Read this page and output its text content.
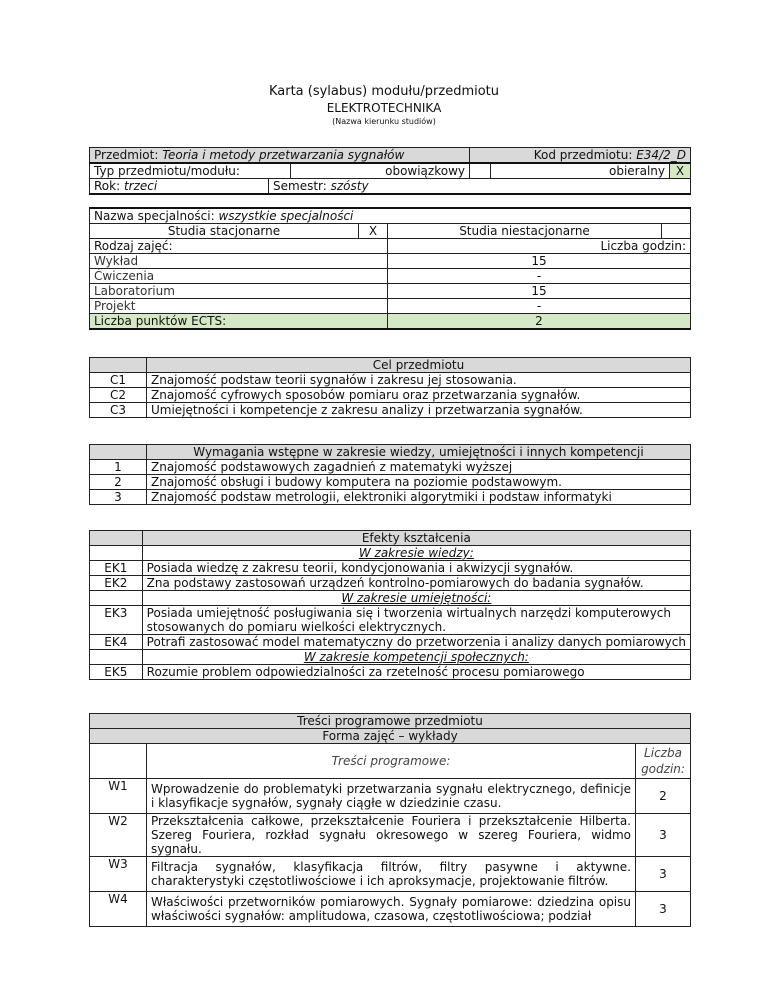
Karta (sylabus) modułu/przedmiotu
ELEKTROTECHNIKA
(Nazwa kierunku studiów)
Przedmiot: Teoria i metody przetwarzania sygnałów			Kod przedmiotu: E34/2_D		
Typ przedmiotu/modułu:		obowiązkowy		obieralny	X
Rok: trzeci	Semestr: szósty				
Nazwa specjalności: wszystkie specjalności			
Studia stacjonarne	X	Studia niestacjonarne	
Rodzaj zajęć:		Liczba godzin:	
Wykład		15	
Ćwiczenia		-	
Laboratorium		15	
Projekt		-	
Liczba punktów ECTS:		2	
	Cel przedmiotu
C1	Znajomość podstaw teorii sygnałów i zakresu jej stosowania.
C2	Znajomość cyfrowych sposobów pomiaru oraz przetwarzania sygnałów.
C3	Umiejętności i kompetencje z zakresu analizy i przetwarzania sygnałów.
	Wymagania wstępne w zakresie wiedzy, umiejętności i innych kompetencji
1	Znajomość podstawowych zagadnień z matematyki wyższej
2	Znajomość obsługi i budowy komputera na poziomie podstawowym.
3	Znajomość podstaw metrologii, elektroniki algorytmiki i podstaw informatyki
	Efekty kształcenia
	W zakresie wiedzy:
EK1	Posiada wiedzę z zakresu teorii, kondycjonowania i akwizycji sygnałów.
EK2	Zna podstawy zastosowań urządzeń kontrolno-pomiarowych do badania sygnałów.
	W zakresie umiejętności:
EK3	Posiada umiejętność posługiwania się i tworzenia wirtualnych narzędzi komputerowych stosowanych do pomiaru wielkości elektrycznych.
EK4	Potrafi zastosować model matematyczny do przetworzenia i analizy danych pomiarowych
	W zakresie kompetencji społecznych:
EK5	Rozumie problem odpowiedzialności za rzetelność procesu pomiarowego
Treści programowe przedmiotu		
Forma zajęć – wykłady		
	Treści programowe:	Liczba godzin:
W1	Wprowadzenie do problematyki przetwarzania sygnału elektrycznego, definicje i klasyfikacje sygnałów, sygnały ciągłe w dziedzinie czasu.	2
W2	Przekształcenia całkowe, przekształcenie Fouriera i przekształcenie Hilberta. Szereg Fouriera, rozkład sygnału okresowego w szereg Fouriera, widmo sygnału.	3
W3	Filtracja sygnałów, klasyfikacja filtrów, filtry pasywne i aktywne. charakterystyki częstotliwościowe i ich aproksymacje, projektowanie filtrów.	3
W4	Właściwości przetworników pomiarowych. Sygnały pomiarowe: dziedzina opisu właściwości sygnałów: amplitudowa, czasowa, częstotliwościowa; podział	3
